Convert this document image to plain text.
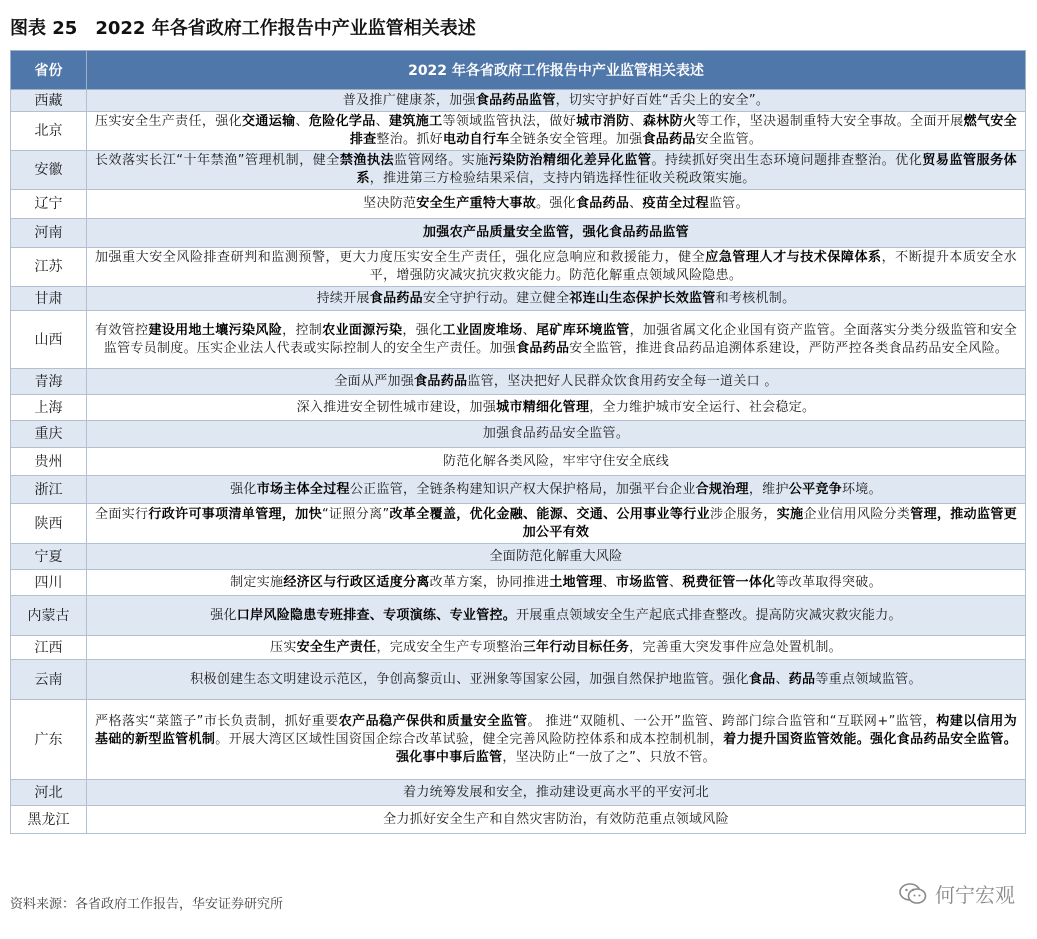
图表 25 2022 年各省政府工作报告中产业监管相关表述
省份	2022 年各省政府工作报告中产业监管相关表述
西藏	普及推广健康茶，加强食品药品监管，切实守护好百姓“舌尖上的安全”。
北京	压实安全生产责任，强化交通运输、危险化学品、建筑施工等领域监管执法，做好城市消防、森林防火等工作，坚决遏制重特大安全事故。全面开展燃气安全排查整治。抓好电动自行车全链条安全管理。加强食品药品安全监管。
安徽	长效落实长江“十年禁渔”管理机制，健全禁渔执法监管网络。实施污染防治精细化差异化监管。持续抓好突出生态环境问题排查整治。优化贸易监管服务体系，推进第三方检验结果采信，支持内销选择性征收关税政策实施。
辽宁	坚决防范安全生产重特大事故。强化食品药品、疫苗全过程监管。
河南	加强农产品质量安全监管，强化食品药品监管
江苏	加强重大安全风险排查研判和监测预警，更大力度压实安全生产责任，强化应急响应和救援能力，健全应急管理人才与技术保障体系，不断提升本质安全水平，增强防灾减灾抗灾救灾能力。防范化解重点领域风险隐患。
甘肃	持续开展食品药品安全守护行动。建立健全祁连山生态保护长效监管和考核机制。
山西	有效管控建设用地土壤污染风险，控制农业面源污染，强化工业固废堆场、尾矿库环境监管，加强省属文化企业国有资产监管。全面落实分类分级监管和安全监管专员制度。压实企业法人代表或实际控制人的安全生产责任。加强食品药品安全监管，推进食品药品追溯体系建设，严防严控各类食品药品安全风险。
青海	全面从严加强食品药品监管，坚决把好人民群众饮食用药安全每一道关口 。
上海	深入推进安全韧性城市建设，加强城市精细化管理，全力维护城市安全运行、社会稳定。
重庆	加强食品药品安全监管。
贵州	防范化解各类风险，牢牢守住安全底线
浙江	强化市场主体全过程公正监管，全链条构建知识产权大保护格局，加强平台企业合规治理，维护公平竞争环境。
陕西	全面实行行政许可事项清单管理，加快“证照分离”改革全覆盖，优化金融、能源、交通、公用事业等行业涉企服务，实施企业信用风险分类管理，推动监管更加公平有效
宁夏	全面防范化解重大风险
四川	制定实施经济区与行政区适度分离改革方案，协同推进土地管理、市场监管、税费征管一体化等改革取得突破。
内蒙古	强化口岸风险隐患专班排查、专项演练、专业管控。开展重点领域安全生产起底式排查整改。提高防灾减灾救灾能力。
江西	压实安全生产责任，完成安全生产专项整治三年行动目标任务，完善重大突发事件应急处置机制。
云南	积极创建生态文明建设示范区，争创高黎贡山、亚洲象等国家公园，加强自然保护地监管。强化食品、药品等重点领域监管。
广东	严格落实“菜篮子”市长负责制，抓好重要农产品稳产保供和质量安全监管。 推进“双随机、一公开”监管、跨部门综合监管和“互联网+”监管，构建以信用为基础的新型监管机制。开展大湾区区域性国资国企综合改革试验，健全完善风险防控体系和成本控制机制，着力提升国资监管效能。强化食品药品安全监管。强化事中事后监管，坚决防止“一放了之”、只放不管。
河北	着力统筹发展和安全，推动建设更高水平的平安河北
黑龙江	全力抓好安全生产和自然灾害防治，有效防范重点领域风险
资料来源：各省政府工作报告，华安证券研究所	何宁宏观
